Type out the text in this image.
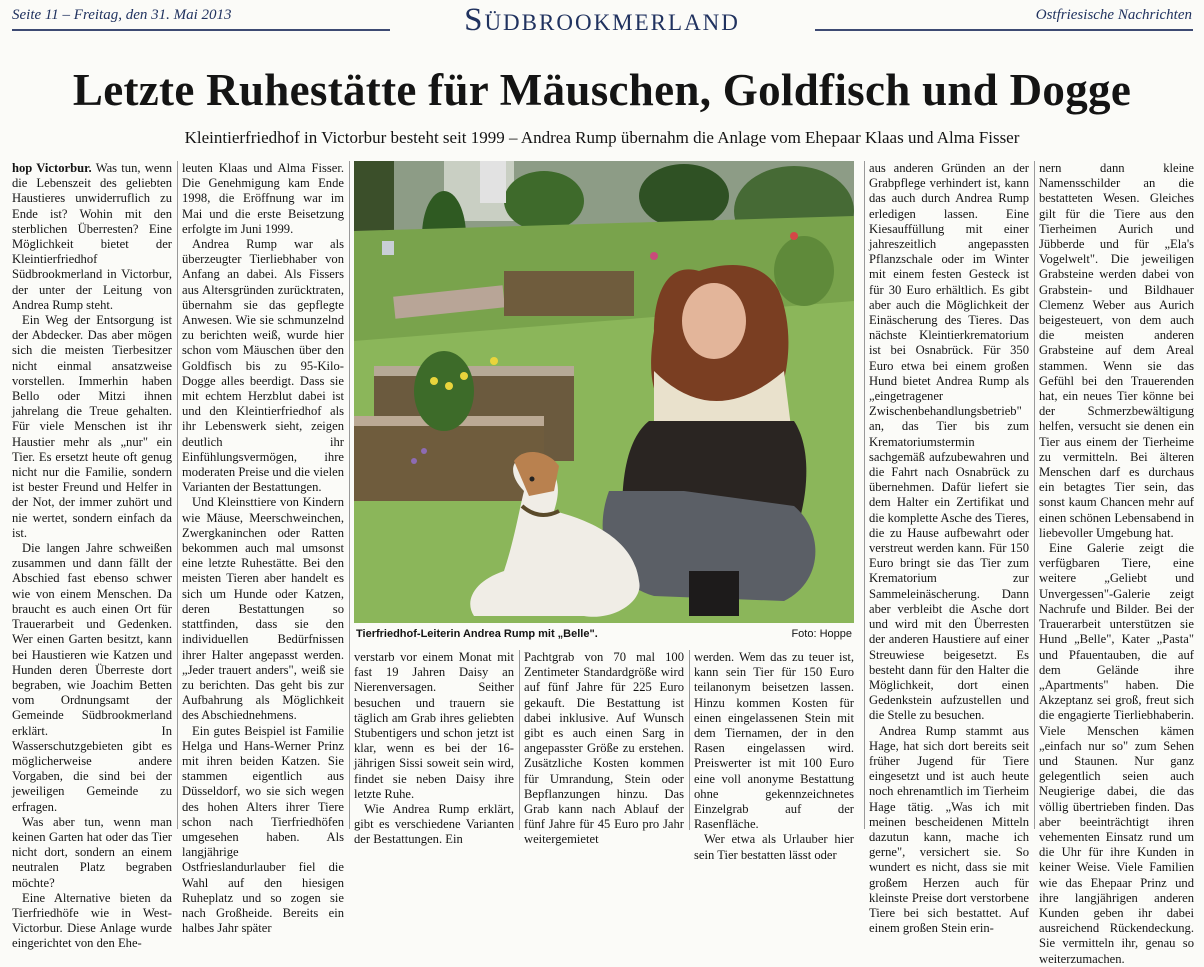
Seite 11 – Freitag, den 31. Mai 2013	Südbrookmerland	Ostfriesische Nachrichten
Letzte Ruhestätte für Mäuschen, Goldfisch und Dogge
Kleintierfriedhof in Victorbur besteht seit 1999 – Andrea Rump übernahm die Anlage vom Ehepaar Klaas und Alma Fisser

hop Victorbur. Was tun, wenn die Lebenszeit des geliebten Haustieres unwiderruflich zu Ende ist? Wohin mit den sterblichen Überresten? Eine Möglichkeit bietet der Kleintierfriedhof Südbrookmerland in Victorbur, der unter der Leitung von Andrea Rump steht.

Ein Weg der Entsorgung ist der Abdecker. Das aber mögen sich die meisten Tierbesitzer nicht einmal ansatzweise vorstellen. Immerhin haben Bello oder Mitzi ihnen jahrelang die Treue gehalten. Für viele Menschen ist ihr Haustier mehr als „nur" ein Tier. Es ersetzt heute oft genug nicht nur die Familie, sondern ist bester Freund und Helfer in der Not, der immer zuhört und nie wertet, sondern einfach da ist.

Die langen Jahre schweißen zusammen und dann fällt der Abschied fast ebenso schwer wie von einem Menschen. Da braucht es auch einen Ort für Trauerarbeit und Gedenken. Wer einen Garten besitzt, kann bei Haustieren wie Katzen und Hunden deren Überreste dort begraben, wie Joachim Betten vom Ordnungsamt der Gemeinde Südbrookmerland erklärt. In Wasserschutzgebieten gibt es möglicherweise andere Vorgaben, die sind bei der jeweiligen Gemeinde zu erfragen.

Was aber tun, wenn man keinen Garten hat oder das Tier nicht dort, sondern an einem neutralen Platz begraben möchte?

Eine Alternative bieten da Tierfriedhöfe wie in West-Victorbur. Diese Anlage wurde eingerichtet von den Ehe-

leuten Klaas und Alma Fisser. Die Genehmigung kam Ende 1998, die Eröffnung war im Mai und die erste Beisetzung erfolgte im Juni 1999.

Andrea Rump war als überzeugter Tierliebhaber von Anfang an dabei. Als Fissers aus Altersgründen zurücktraten, übernahm sie das gepflegte Anwesen. Wie sie schmunzelnd zu berichten weiß, wurde hier schon vom Mäuschen über den Goldfisch bis zu 95-Kilo-Dogge alles beerdigt. Dass sie mit echtem Herzblut dabei ist und den Kleintierfriedhof als ihr Lebenswerk sieht, zeigen deutlich ihr Einfühlungsvermögen, ihre moderaten Preise und die vielen Varianten der Bestattungen.

Und Kleinsttiere von Kindern wie Mäuse, Meerschweinchen, Zwergkaninchen oder Ratten bekommen auch mal umsonst eine letzte Ruhestätte. Bei den meisten Tieren aber handelt es sich um Hunde oder Katzen, deren Bestattungen so stattfinden, dass sie den individuellen Bedürfnissen ihrer Halter angepasst werden. „Jeder trauert anders", weiß sie zu berichten. Das geht bis zur Aufbahrung als Möglichkeit des Abschiednehmens.

Ein gutes Beispiel ist Familie Helga und Hans-Werner Prinz mit ihren beiden Katzen. Sie stammen eigentlich aus Düsseldorf, wo sie sich wegen des hohen Alters ihrer Tiere schon nach Tierfriedhöfen umgesehen haben. Als langjährige Ostfrieslandurlauber fiel die Wahl auf den hiesigen Ruheplatz und so zogen sie nach Großheide. Bereits ein halbes Jahr später

Tierfriedhof-Leiterin Andrea Rump mit „Belle".	Foto: Hoppe

verstarb vor einem Monat mit fast 19 Jahren Daisy an Nierenversagen. Seither besuchen und trauern sie täglich am Grab ihres geliebten Stubentigers und schon jetzt ist klar, wenn es bei der 16-jährigen Sissi soweit sein wird, findet sie neben Daisy ihre letzte Ruhe.

Wie Andrea Rump erklärt, gibt es verschiedene Varianten der Bestattungen. Ein

Pachtgrab von 70 mal 100 Zentimeter Standardgröße wird auf fünf Jahre für 225 Euro gekauft. Die Bestattung ist dabei inklusive. Auf Wunsch gibt es auch einen Sarg in angepasster Größe zu erstehen. Zusätzliche Kosten kommen für Umrandung, Stein oder Bepflanzungen hinzu. Das Grab kann nach Ablauf der fünf Jahre für 45 Euro pro Jahr weitergemietet

werden. Wem das zu teuer ist, kann sein Tier für 150 Euro teilanonym beisetzen lassen. Hinzu kommen Kosten für einen eingelassenen Stein mit dem Tiernamen, der in den Rasen eingelassen wird. Preiswerter ist mit 100 Euro eine voll anonyme Bestattung ohne gekennzeichnetes Einzelgrab auf der Rasenfläche.

Wer etwa als Urlauber hier sein Tier bestatten lässt oder

aus anderen Gründen an der Grabpflege verhindert ist, kann das auch durch Andrea Rump erledigen lassen. Eine Kiesauffüllung mit einer jahreszeitlich angepassten Pflanzschale oder im Winter mit einem festen Gesteck ist für 30 Euro erhältlich. Es gibt aber auch die Möglichkeit der Einäscherung des Tieres. Das nächste Kleintierkrematorium ist bei Osnabrück. Für 350 Euro etwa bei einem großen Hund bietet Andrea Rump als „eingetragener Zwischenbehandlungsbetrieb" an, das Tier bis zum Krematoriumstermin sachgemäß aufzubewahren und die Fahrt nach Osnabrück zu übernehmen. Dafür liefert sie dem Halter ein Zertifikat und die komplette Asche des Tieres, die zu Hause aufbewahrt oder verstreut werden kann. Für 150 Euro bringt sie das Tier zum Krematorium zur Sammeleinäscherung. Dann aber verbleibt die Asche dort und wird mit den Überresten der anderen Haustiere auf einer Streuwiese beigesetzt. Es besteht dann für den Halter die Möglichkeit, dort einen Gedenkstein aufzustellen und die Stelle zu besuchen.

Andrea Rump stammt aus Hage, hat sich dort bereits seit früher Jugend für Tiere eingesetzt und ist auch heute noch ehrenamtlich im Tierheim Hage tätig. „Was ich mit meinen bescheidenen Mitteln dazutun kann, mache ich gerne", versichert sie. So wundert es nicht, dass sie mit großem Herzen auch für kleinste Preise dort verstorbene Tiere bei sich bestattet. Auf einem großen Stein erin-

nern dann kleine Namensschilder an die bestatteten Wesen. Gleiches gilt für die Tiere aus den Tierheimen Aurich und Jübberde und für „Ela's Vogelwelt". Die jeweiligen Grabsteine werden dabei von Grabstein- und Bildhauer Clemenz Weber aus Aurich beigesteuert, von dem auch die meisten anderen Grabsteine auf dem Areal stammen. Wenn sie das Gefühl bei den Trauerenden hat, ein neues Tier könne bei der Schmerzbewältigung helfen, versucht sie denen ein Tier aus einem der Tierheime zu vermitteln. Bei älteren Menschen darf es durchaus ein betagtes Tier sein, das sonst kaum Chancen mehr auf einen schönen Lebensabend in liebevoller Umgebung hat.

Eine Galerie zeigt die verfügbaren Tiere, eine weitere „Geliebt und Unvergessen"-Galerie zeigt Nachrufe und Bilder. Bei der Trauerarbeit unterstützen sie Hund „Belle", Kater „Pasta" und Pfauentauben, die auf dem Gelände ihre „Apartments" haben. Die Akzeptanz sei groß, freut sich die engagierte Tierliebhaberin. Viele Menschen kämen „einfach nur so" zum Sehen und Staunen. Nur ganz gelegentlich seien auch Neugierige dabei, die das völlig übertrieben finden. Das aber beeinträchtigt ihren vehementen Einsatz rund um die Uhr für ihre Kunden in keiner Weise. Viele Familien wie das Ehepaar Prinz und ihre langjährigen anderen Kunden geben ihr dabei ausreichend Rückendeckung. Sie vermitteln ihr, genau so weiterzumachen.
